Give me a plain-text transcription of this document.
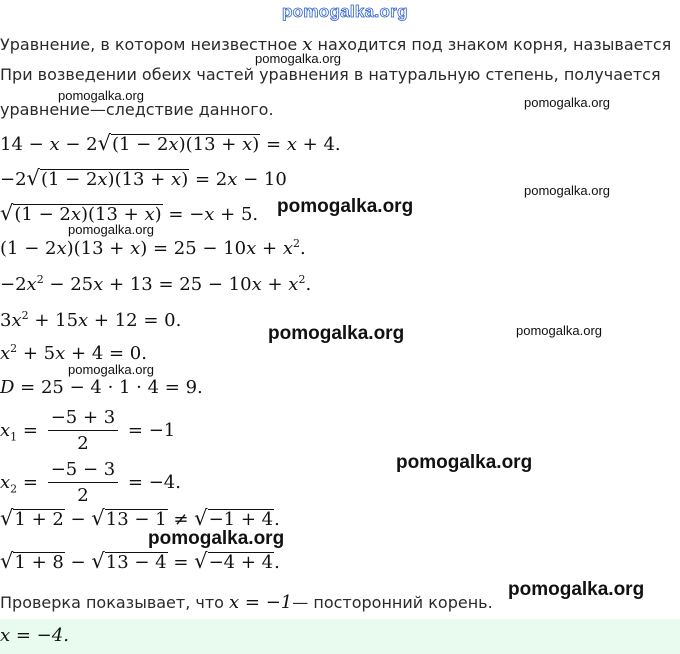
pomogalka.org
pomogalka.org
pomogalka.org	pomogalka.org
pomogalka.org
pomogalka.org
pomogalka.org
pomogalka.org
pomogalka.org
pomogalka.org
pomogalka.org
pomogalka.org
pomogalka.org
Уравнение, в котором неизвестное x находится под знаком корня, называется
При возведении обеих частей уравнения в натуральную степень, получается
уравнение—следствие данного.
14 − x − 2√(1 − 2x)(13 + x) = x + 4.
−2√(1 − 2x)(13 + x) = 2x − 10
√(1 − 2x)(13 + x) = −x + 5.
$(1 - 2x)(13 + x) = 25 - 10x + x^2$.
$-2x^2 - 25x + 13 = 25 - 10x + x^2$.
$3x^2 + 15x + 12 = 0$.
$x^2 + 5x + 4 = 0$.
D = 25 − 4 · 1 · 4 = 9.
$x_1 = \frac{-5 + 3}{2} = -1$
$x_2 = \frac{-5 - 3}{2} = -4$.
√1 + 2 − √13 − 1 ≠ √−1 + 4.
√1 + 8 − √13 − 4 = √−4 + 4.
Проверка показывает, что x = −1— посторонний корень.
x = −4.
